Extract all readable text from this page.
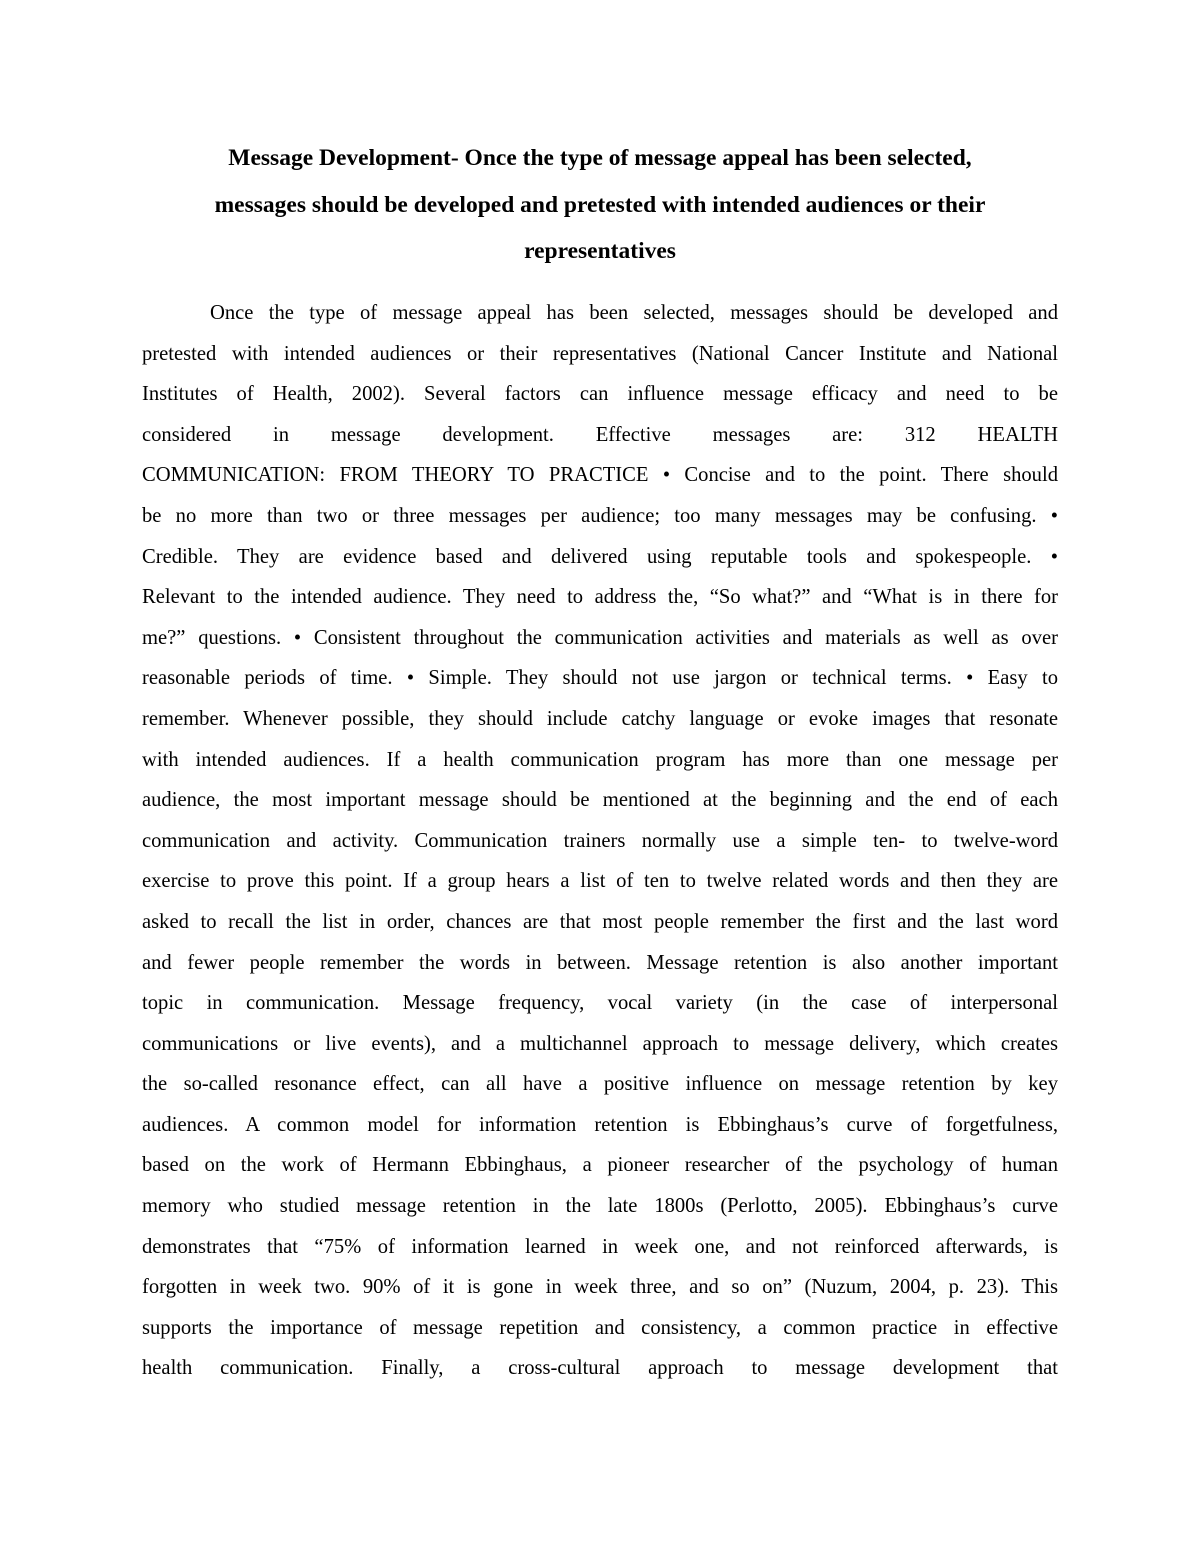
Message Development- Once the type of message appeal has been selected,
messages should be developed and pretested with intended audiences or their
representatives
Once the type of message appeal has been selected, messages should be developed and
pretested with intended audiences or their representatives (National Cancer Institute and National
Institutes of Health, 2002). Several factors can influence message efficacy and need to be
considered in message development. Effective messages are: 312 HEALTH
COMMUNICATION: FROM THEORY TO PRACTICE • Concise and to the point. There should
be no more than two or three messages per audience; too many messages may be confusing. •
Credible. They are evidence based and delivered using reputable tools and spokespeople. •
Relevant to the intended audience. They need to address the, “So what?” and “What is in there for
me?” questions. • Consistent throughout the communication activities and materials as well as over
reasonable periods of time. • Simple. They should not use jargon or technical terms. • Easy to
remember. Whenever possible, they should include catchy language or evoke images that resonate
with intended audiences. If a health communication program has more than one message per
audience, the most important message should be mentioned at the beginning and the end of each
communication and activity. Communication trainers normally use a simple ten- to twelve-word
exercise to prove this point. If a group hears a list of ten to twelve related words and then they are
asked to recall the list in order, chances are that most people remember the first and the last word
and fewer people remember the words in between. Message retention is also another important
topic in communication. Message frequency, vocal variety (in the case of interpersonal
communications or live events), and a multichannel approach to message delivery, which creates
the so-called resonance effect, can all have a positive influence on message retention by key
audiences. A common model for information retention is Ebbinghaus’s curve of forgetfulness,
based on the work of Hermann Ebbinghaus, a pioneer researcher of the psychology of human
memory who studied message retention in the late 1800s (Perlotto, 2005). Ebbinghaus’s curve
demonstrates that “75% of information learned in week one, and not reinforced afterwards, is
forgotten in week two. 90% of it is gone in week three, and so on” (Nuzum, 2004, p. 23). This
supports the importance of message repetition and consistency, a common practice in effective
health communication. Finally, a cross-cultural approach to message development that
